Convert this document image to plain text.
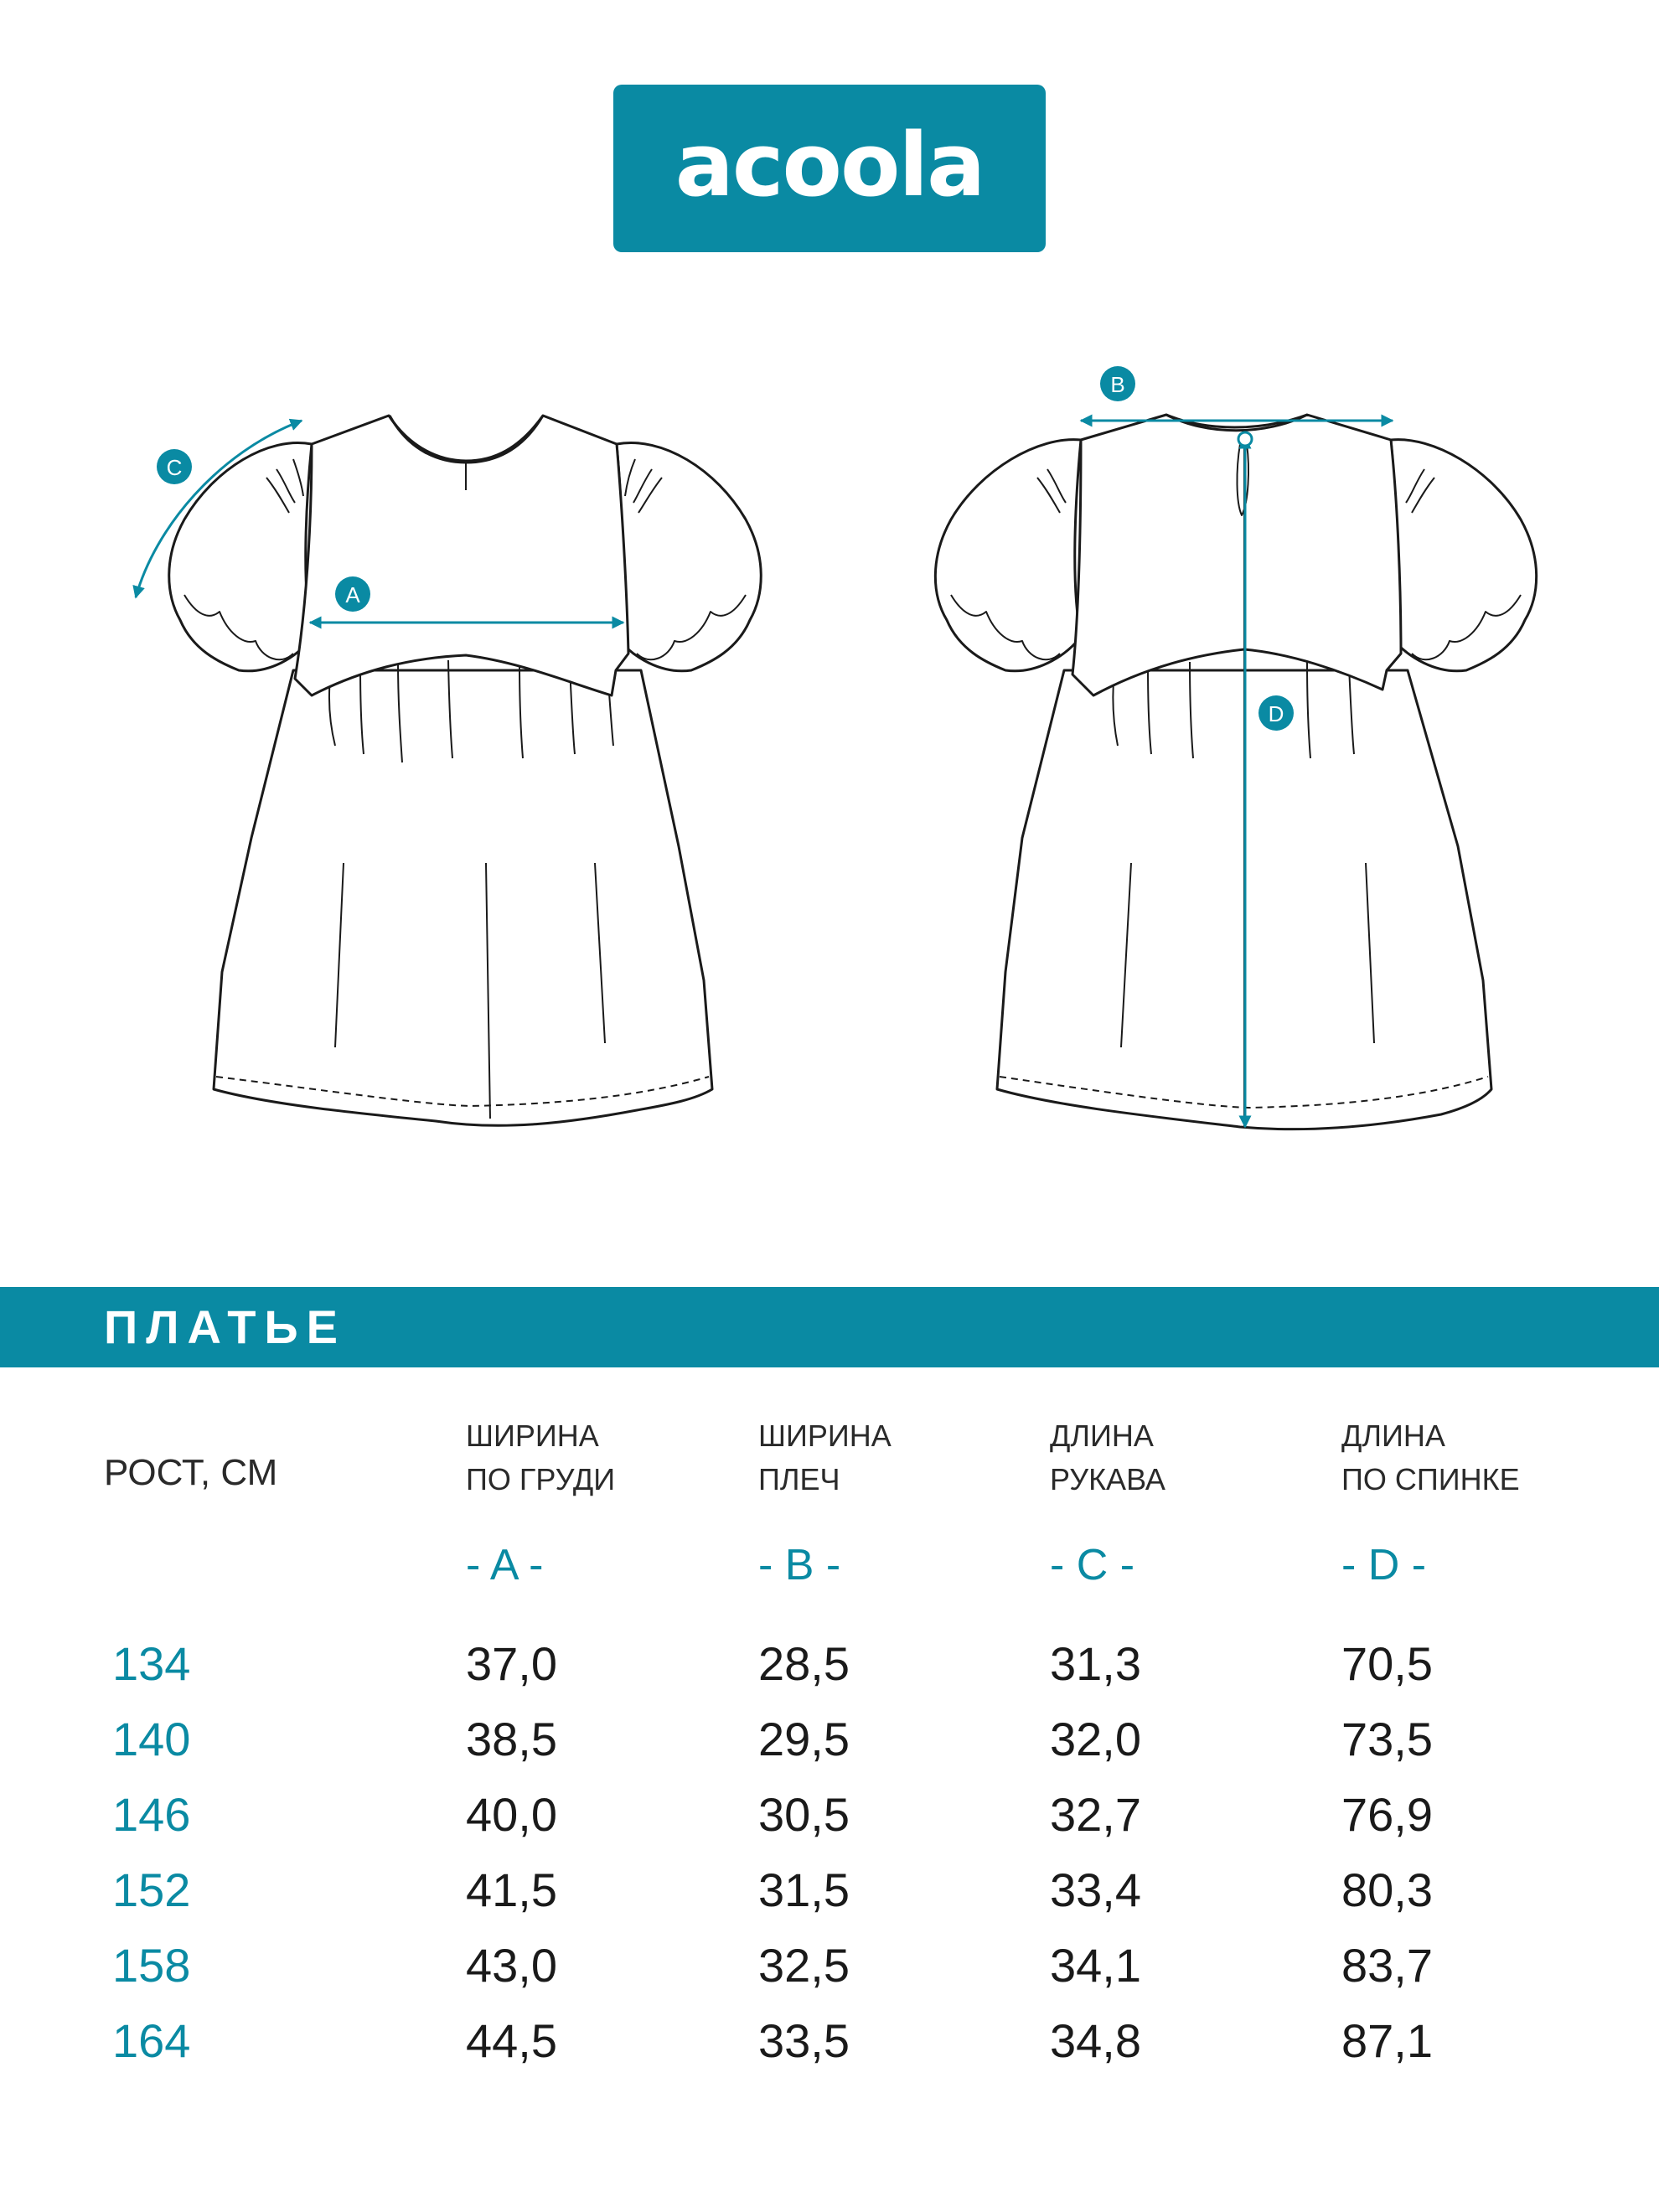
acoola
A
C
B
D
ПЛАТЬЕ
РОСТ, СМ
ШИРИНА
ПО ГРУДИ
- A -
ШИРИНА
ПЛЕЧ
- B -
ДЛИНА
РУКАВА
- C -
ДЛИНА
ПО СПИНКЕ
- D -
134	37,0	28,5	31,3	70,5
140	38,5	29,5	32,0	73,5
146	40,0	30,5	32,7	76,9
152	41,5	31,5	33,4	80,3
158	43,0	32,5	34,1	83,7
164	44,5	33,5	34,8	87,1
